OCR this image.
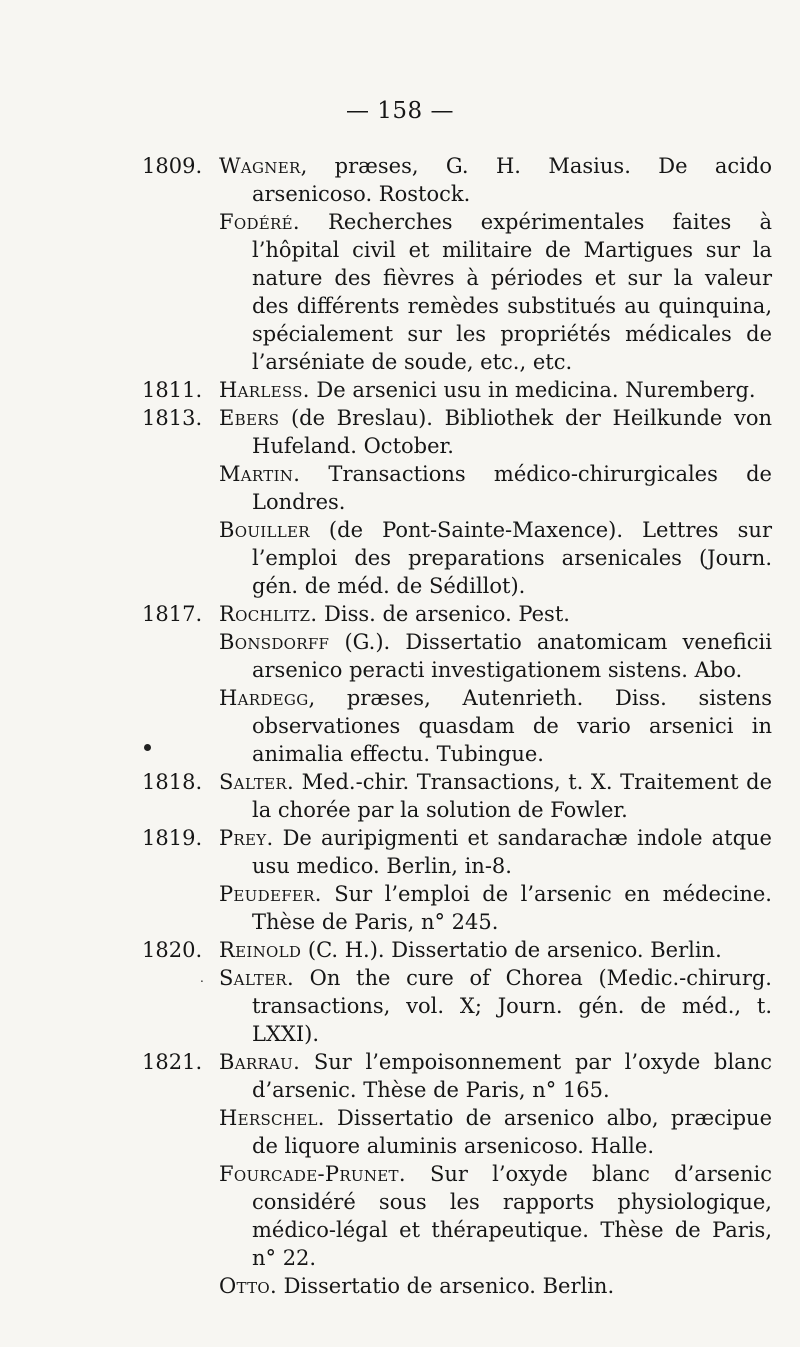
— 158 —
1809. Wagner, præses, G. H. Masius. De acido arsenicoso. Rostock.
Fodéré. Recherches expérimentales faites à l’hôpital civil et militaire de Martigues sur la nature des fièvres à périodes et sur la valeur des différents remèdes substitués au quinquina, spécialement sur les propriétés médicales de l’arséniate de soude, etc., etc.
1811. Harless. De arsenici usu in medicina. Nuremberg.
1813. Ebers (de Breslau). Bibliothek der Heilkunde von Hufeland. October.
Martin. Transactions médico-chirurgicales de Londres.
Bouiller (de Pont-Sainte-Maxence). Lettres sur l’emploi des preparations arsenicales (Journ. gén. de méd. de Sédillot).
1817. Rochlitz. Diss. de arsenico. Pest.
Bonsdorff (G.). Dissertatio anatomicam veneficii arsenico peracti investigationem sistens. Abo.
Hardegg, præses, Autenrieth. Diss. sistens observationes quasdam de vario arsenici in animalia effectu. Tubingue.
1818. Salter. Med.-chir. Transactions, t. X. Traitement de la chorée par la solution de Fowler.
1819. Prey. De auripigmenti et sandarachæ indole atque usu medico. Berlin, in-8.
Peudefer. Sur l’emploi de l’arsenic en médecine. Thèse de Paris, n° 245.
1820. Reinold (C. H.). Dissertatio de arsenico. Berlin.
. Salter. On the cure of Chorea (Medic.-chirurg. transactions, vol. X; Journ. gén. de méd., t. LXXI).
1821. Barrau. Sur l’empoisonnement par l’oxyde blanc d’arsenic. Thèse de Paris, n° 165.
Herschel. Dissertatio de arsenico albo, præcipue de liquore aluminis arsenicoso. Halle.
Fourcade-Prunet. Sur l’oxyde blanc d’arsenic considéré sous les rapports physiologique, médico-légal et thérapeutique. Thèse de Paris, n° 22.
Otto. Dissertatio de arsenico. Berlin.
